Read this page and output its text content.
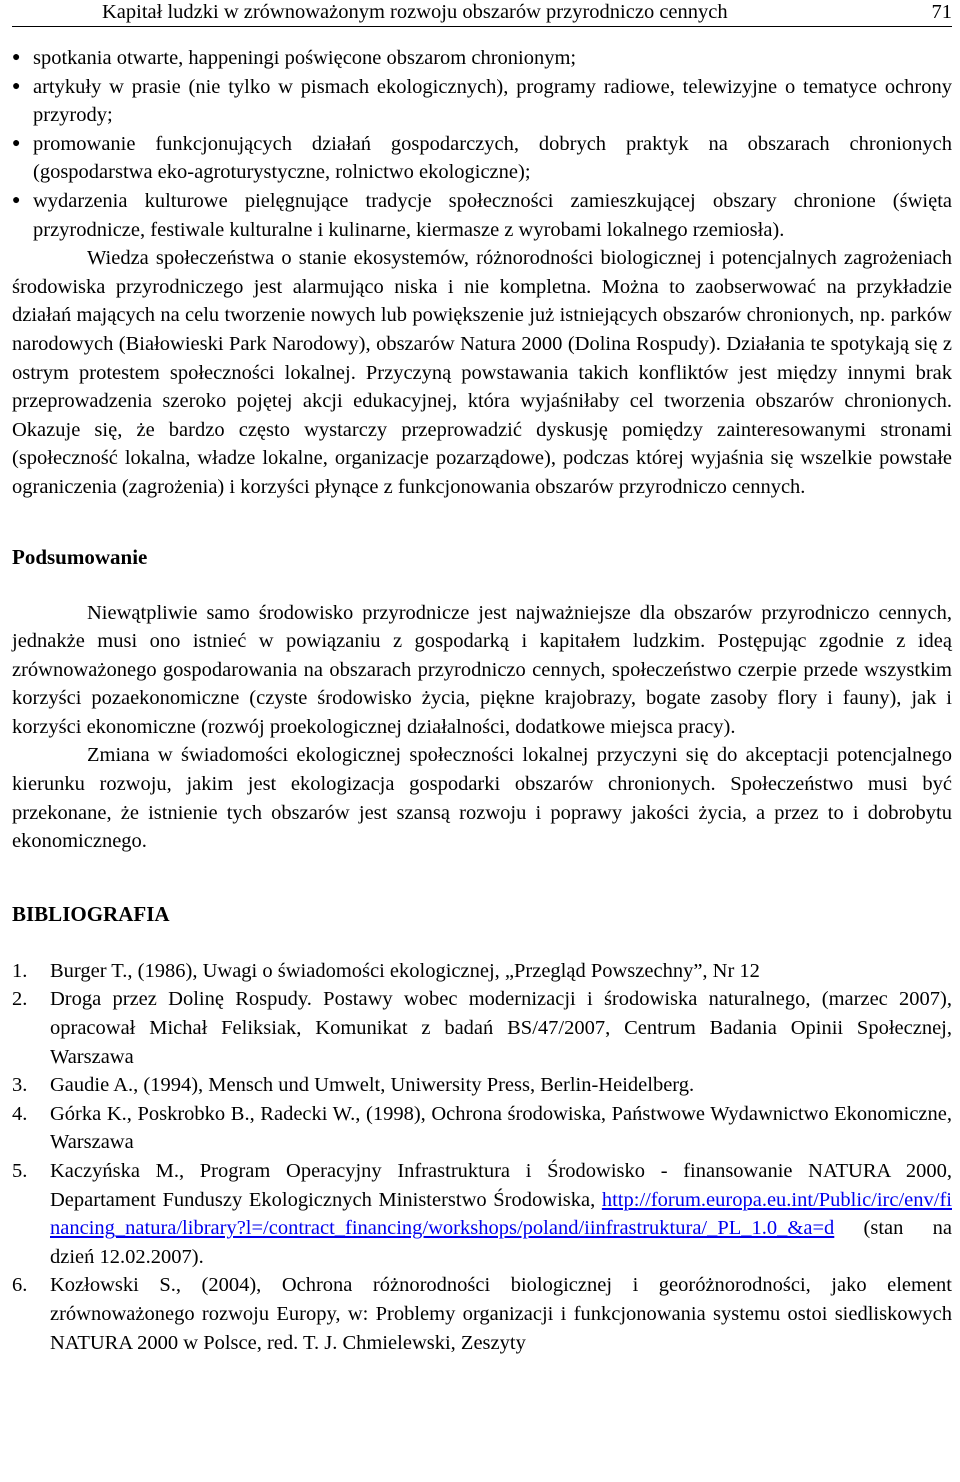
Kapitał ludzki w zrównoważonym rozwoju obszarów przyrodniczo cennych	71
● spotkania otwarte, happeningi poświęcone obszarom chronionym;
● artykuły w prasie (nie tylko w pismach ekologicznych), programy radiowe, telewizyjne o tematyce ochrony przyrody;
● promowanie funkcjonujących działań gospodarczych, dobrych praktyk na obszarach chronionych (gospodarstwa eko-agroturystyczne, rolnictwo ekologiczne);
● wydarzenia kulturowe pielęgnujące tradycje społeczności zamieszkującej obszary chronione (święta przyrodnicze, festiwale kulturalne i kulinarne, kiermasze z wyrobami lokalnego rzemiosła).

Wiedza społeczeństwa o stanie ekosystemów, różnorodności biologicznej i potencjalnych zagrożeniach środowiska przyrodniczego jest alarmująco niska i nie kompletna. Można to zaobserwować na przykładzie działań mających na celu tworzenie nowych lub powiększenie już istniejących obszarów chronionych, np. parków narodowych (Białowieski Park Narodowy), obszarów Natura 2000 (Dolina Rospudy). Działania te spotykają się z ostrym protestem społeczności lokalnej. Przyczyną powstawania takich konfliktów jest między innymi brak przeprowadzenia szeroko pojętej akcji edukacyjnej, która wyjaśniłaby cel tworzenia obszarów chronionych. Okazuje się, że bardzo często wystarczy przeprowadzić dyskusję pomiędzy zainteresowanymi stronami (społeczność lokalna, władze lokalne, organizacje pozarządowe), podczas której wyjaśnia się wszelkie powstałe ograniczenia (zagrożenia) i korzyści płynące z funkcjonowania obszarów przyrodniczo cennych.

Podsumowanie

Niewątpliwie samo środowisko przyrodnicze jest najważniejsze dla obszarów przyrodniczo cennych, jednakże musi ono istnieć w powiązaniu z gospodarką i kapitałem ludzkim. Postępując zgodnie z ideą zrównoważonego gospodarowania na obszarach przyrodniczo cennych, społeczeństwo czerpie przede wszystkim korzyści pozaekonomiczne (czyste środowisko życia, piękne krajobrazy, bogate zasoby flory i fauny), jak i korzyści ekonomiczne (rozwój proekologicznej działalności, dodatkowe miejsca pracy).

Zmiana w świadomości ekologicznej społeczności lokalnej przyczyni się do akceptacji potencjalnego kierunku rozwoju, jakim jest ekologizacja gospodarki obszarów chronionych. Społeczeństwo musi być przekonane, że istnienie tych obszarów jest szansą rozwoju i poprawy jakości życia, a przez to i dobrobytu ekonomicznego.

BIBLIOGRAFIA
1. Burger T., (1986), Uwagi o świadomości ekologicznej, „Przegląd Powszechny”, Nr 12
2. Droga przez Dolinę Rospudy. Postawy wobec modernizacji i środowiska naturalnego, (marzec 2007), opracował Michał Feliksiak, Komunikat z badań BS/47/2007, Centrum Badania Opinii Społecznej, Warszawa
3. Gaudie A., (1994), Mensch und Umwelt, Uniwersity Press, Berlin-Heidelberg.
4. Górka K., Poskrobko B., Radecki W., (1998), Ochrona środowiska, Państwowe Wydawnictwo Ekonomiczne, Warszawa
5. Kaczyńska M., Program Operacyjny Infrastruktura i Środowisko - finansowanie NATURA 2000, Departament Funduszy Ekologicznych Ministerstwo Środowiska, http://forum.europa.eu.int/Public/irc/env/financing_natura/library?l=/contract_financing/workshops/poland/iinfrastruktura/_PL_1.0_&a=d (stan na dzień 12.02.2007).
6. Kozłowski S., (2004), Ochrona różnorodności biologicznej i georóżnorodności, jako element zrównoważonego rozwoju Europy, w: Problemy organizacji i funkcjonowania systemu ostoi siedliskowych NATURA 2000 w Polsce, red. T. J. Chmielewski, Zeszyty
